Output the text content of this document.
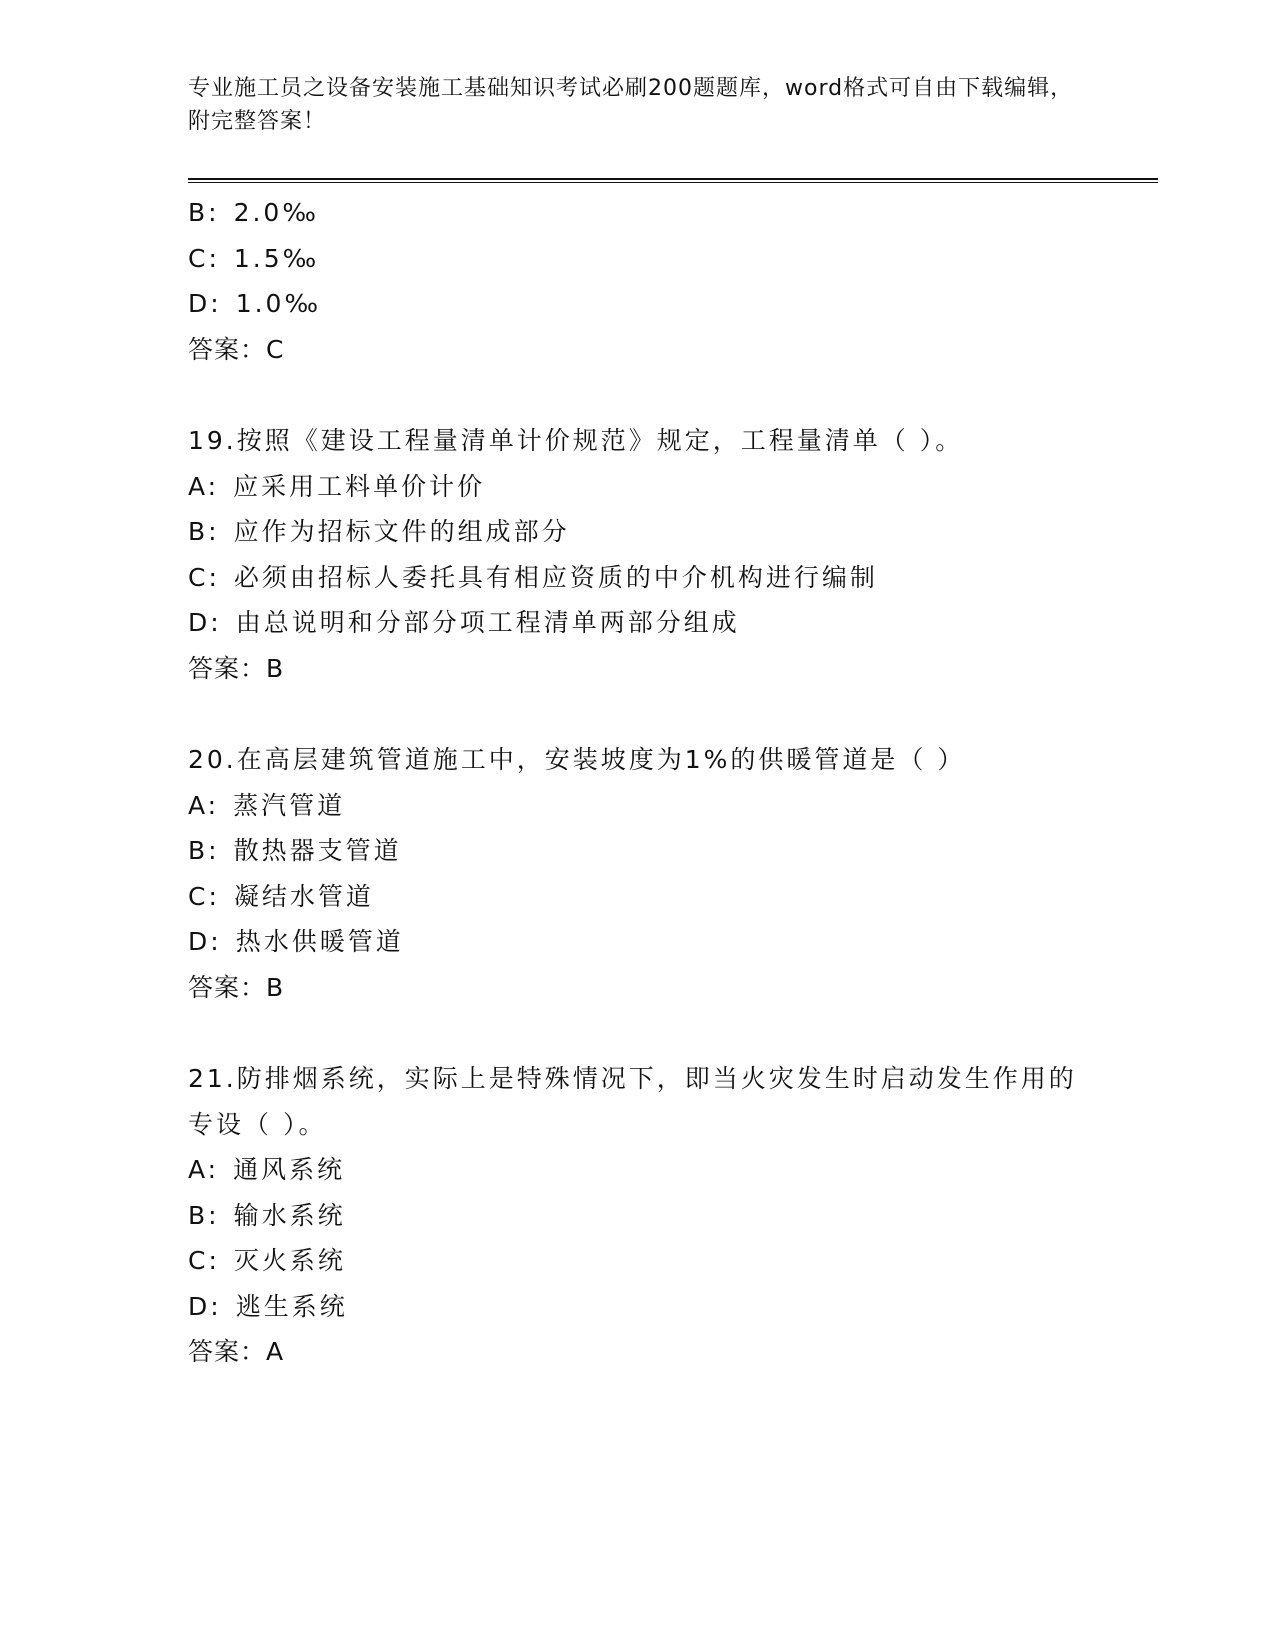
专业施工员之设备安装施工基础知识考试必刷200题题库，word格式可自由下载编辑，附完整答案！
B: 2.0‰
C: 1.5‰
D: 1.0‰
答案：C
19.按照《建设工程量清单计价规范》规定，工程量清单（ ）。
A: 应采用工料单价计价
B: 应作为招标文件的组成部分
C: 必须由招标人委托具有相应资质的中介机构进行编制
D: 由总说明和分部分项工程清单两部分组成
答案：B
20.在高层建筑管道施工中，安装坡度为1%的供暖管道是（ ）
A: 蒸汽管道
B: 散热器支管道
C: 凝结水管道
D: 热水供暖管道
答案：B
21.防排烟系统，实际上是特殊情况下，即当火灾发生时启动发生作用的专设（ ）。
A: 通风系统
B: 输水系统
C: 灭火系统
D: 逃生系统
答案：A
